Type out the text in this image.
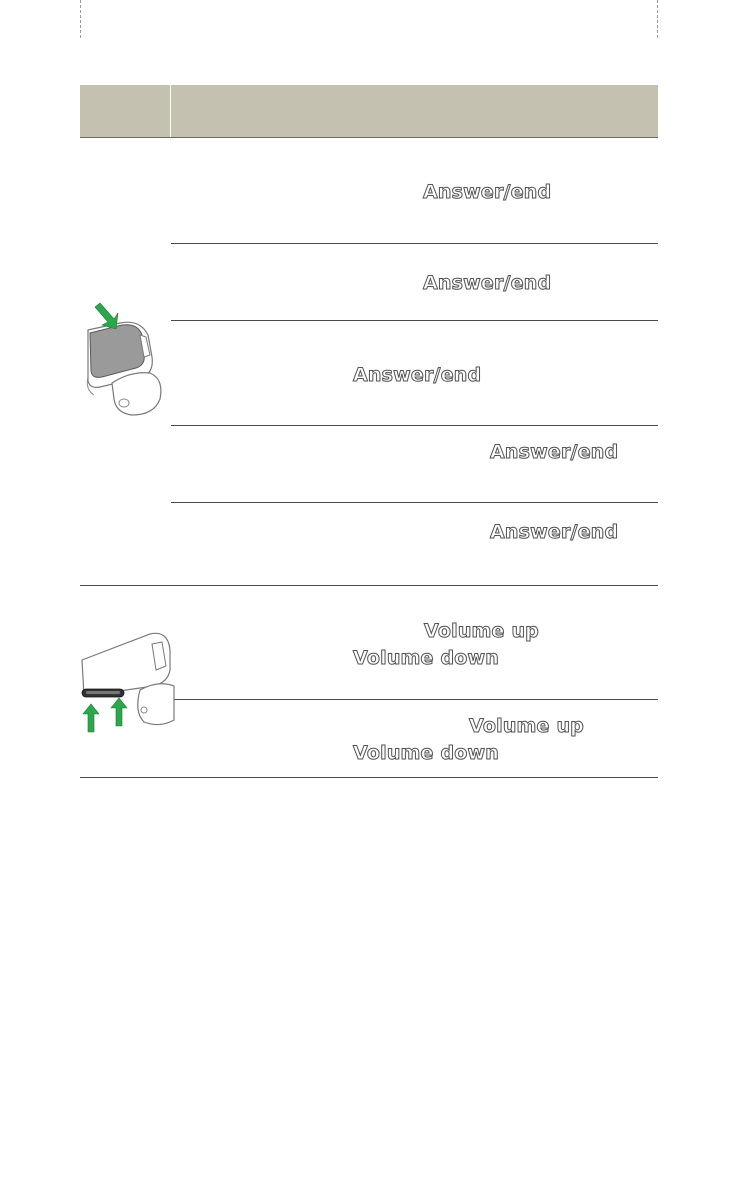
Answer/end
Answer/end
Answer/end
Answer/end
Answer/end
Volume up
Volume down
Volume up
Volume down
